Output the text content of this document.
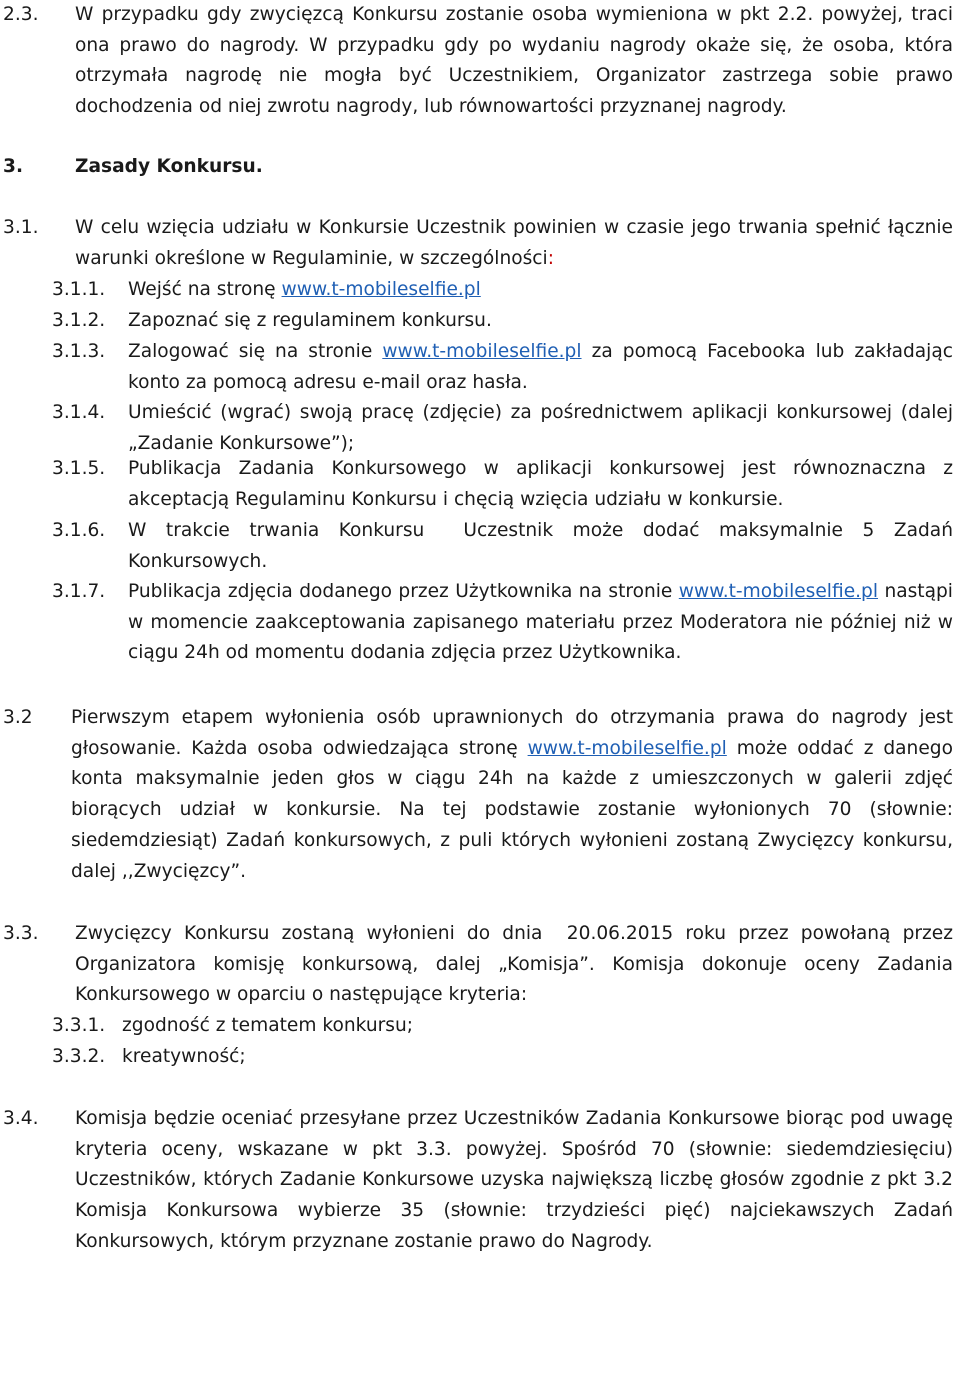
2.3.	W przypadku gdy zwycięzcą Konkursu zostanie osoba wymieniona w pkt 2.2. powyżej, traci ona prawo do nagrody. W przypadku gdy po wydaniu nagrody okaże się, że osoba, która otrzymała nagrodę nie mogła być Uczestnikiem, Organizator zastrzega sobie prawo dochodzenia od niej zwrotu nagrody, lub równowartości przyznanej nagrody.
3.	Zasady Konkursu.
3.1.	W celu wzięcia udziału w Konkursie Uczestnik powinien w czasie jego trwania spełnić łącznie warunki określone w Regulaminie, w szczególności:
3.1.1.	Wejść na stronę www.t-mobileselfie.pl
3.1.2.	Zapoznać się z regulaminem konkursu.
3.1.3.	Zalogować się na stronie www.t-mobileselfie.pl za pomocą Facebooka lub zakładając konto za pomocą adresu e-mail oraz hasła.
3.1.4.	Umieścić (wgrać) swoją pracę (zdjęcie) za pośrednictwem aplikacji konkursowej (dalej „Zadanie Konkursowe”);
3.1.5.	Publikacja Zadania Konkursowego w aplikacji konkursowej jest równoznaczna z akceptacją Regulaminu Konkursu i chęcią wzięcia udziału w konkursie.
3.1.6.	W trakcie trwania Konkursu  Uczestnik może dodać maksymalnie 5 Zadań Konkursowych.
3.1.7.	Publikacja zdjęcia dodanego przez Użytkownika na stronie www.t-mobileselfie.pl nastąpi w momencie zaakceptowania zapisanego materiału przez Moderatora nie później niż w ciągu 24h od momentu dodania zdjęcia przez Użytkownika.
3.2	Pierwszym etapem wyłonienia osób uprawnionych do otrzymania prawa do nagrody jest głosowanie. Każda osoba odwiedzająca stronę www.t-mobileselfie.pl może oddać z danego konta maksymalnie jeden głos w ciągu 24h na każde z umieszczonych w galerii zdjęć biorących udział w konkursie. Na tej podstawie zostanie wyłonionych 70 (słownie: siedemdziesiąt) Zadań konkursowych, z puli których wyłonieni zostaną Zwycięzcy konkursu, dalej ,,Zwycięzcy”.
3.3.	Zwycięzcy Konkursu zostaną wyłonieni do dnia  20.06.2015 roku przez powołaną przez Organizatora komisję konkursową, dalej „Komisja”. Komisja dokonuje oceny Zadania Konkursowego w oparciu o następujące kryteria:
3.3.1. zgodność z tematem konkursu;
3.3.2. kreatywność;
3.4.	Komisja będzie oceniać przesyłane przez Uczestników Zadania Konkursowe biorąc pod uwagę kryteria oceny, wskazane w pkt 3.3. powyżej. Spośród 70 (słownie: siedemdziesięciu) Uczestników, których Zadanie Konkursowe uzyska największą liczbę głosów zgodnie z pkt 3.2 Komisja Konkursowa wybierze 35 (słownie: trzydzieści pięć) najciekawszych Zadań Konkursowych, którym przyznane zostanie prawo do Nagrody.
